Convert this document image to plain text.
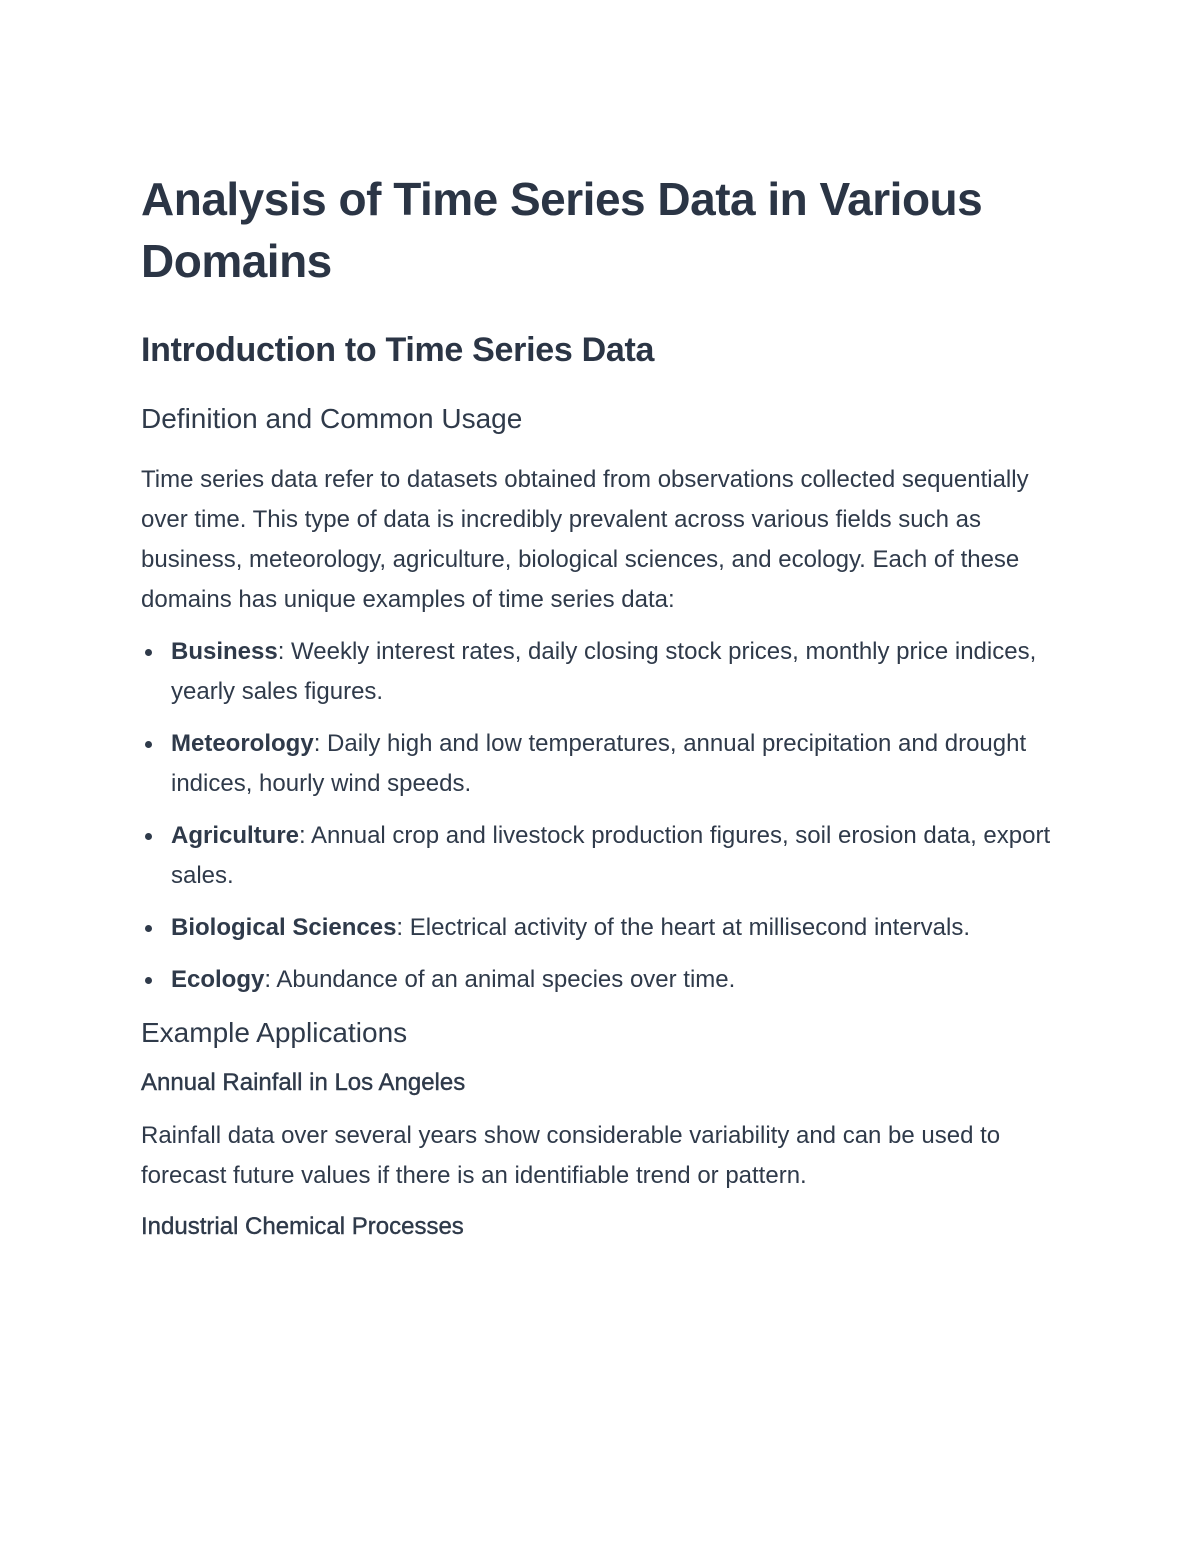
Analysis of Time Series Data in Various Domains
Introduction to Time Series Data
Definition and Common Usage

Time series data refer to datasets obtained from observations collected sequentially over time. This type of data is incredibly prevalent across various fields such as business, meteorology, agriculture, biological sciences, and ecology. Each of these domains has unique examples of time series data:

Business: Weekly interest rates, daily closing stock prices, monthly price indices, yearly sales figures.
Meteorology: Daily high and low temperatures, annual precipitation and drought indices, hourly wind speeds.
Agriculture: Annual crop and livestock production figures, soil erosion data, export sales.
Biological Sciences: Electrical activity of the heart at millisecond intervals.
Ecology: Abundance of an animal species over time.
Example Applications
Annual Rainfall in Los Angeles

Rainfall data over several years show considerable variability and can be used to forecast future values if there is an identifiable trend or pattern.

Industrial Chemical Processes
